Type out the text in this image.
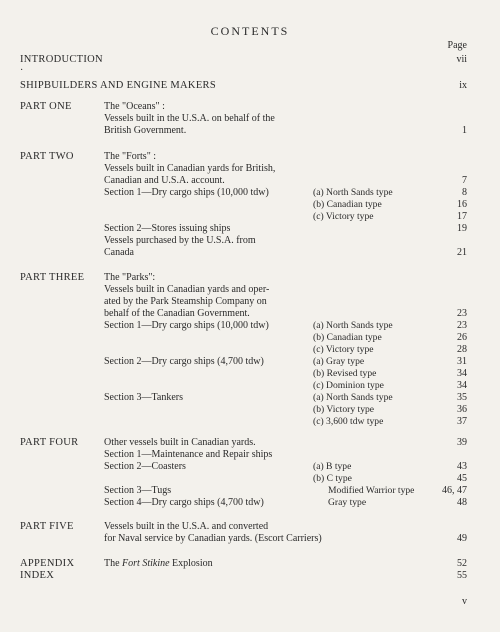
CONTENTS
Page
INTRODUCTION	vii
·
SHIPBUILDERS AND ENGINE MAKERS	ix
PART ONE	The "Oceans" :
Vessels built in the U.S.A. on behalf of the
British Government.	1
PART TWO	The "Forts" :
Vessels built in Canadian yards for British,
Canadian and U.S.A. account.	7
Section 1—Dry cargo ships (10,000 tdw)	(a) North Sands type	8
(b) Canadian type	16
(c) Victory type	17
Section 2—Stores issuing ships	19
Vessels purchased by the U.S.A. from
Canada	21
PART THREE The "Parks":
Vessels built in Canadian yards and oper-
ated by the Park Steamship Company on
behalf of the Canadian Government.	23
Section 1—Dry cargo ships (10,000 tdw)	(a) North Sands type	23
(b) Canadian type	26
(c) Victory type	28
Section 2—Dry cargo ships (4,700 tdw)	(a) Gray type	31
(b) Revised type	34
(c) Dominion type	34
Section 3—Tankers	(a) North Sands type	35
(b) Victory type	36
(c) 3,600 tdw type	37
PART FOUR	Other vessels built in Canadian yards.	39
Section 1—Maintenance and Repair ships
Section 2—Coasters	(a) B type	43
(b) C type	45
Section 3—Tugs	Modified Warrior type	46, 47
Section 4—Dry cargo ships (4,700 tdw)	Gray type	48
PART FIVE	Vessels built in the U.S.A. and converted
for Naval service by Canadian yards. (Escort Carriers)	49
APPENDIX	The Fort Stikine Explosion	52
INDEX	55
v
